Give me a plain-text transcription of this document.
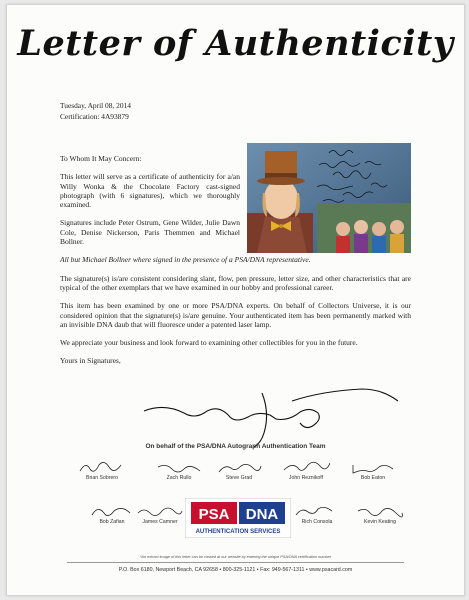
Letter of Authenticity
Tuesday, April 08, 2014
Certification: 4A93879

To Whom It May Concern:

This letter will serve as a certificate of authenticity for a/an Willy Wonka & the Chocolate Factory cast-signed photograph (with 6 signatures), which we thoroughly examined.

Signatures include Peter Ostrum, Gene Wilder, Julie Dawn Cole, Denise Nickerson, Paris Themmen and Michael Bollner.

All but Michael Bollner where signed in the presence of a PSA/DNA representative.

The signature(s) is/are consistent considering slant, flow, pen pressure, letter size, and other characteristics that are typical of the other exemplars that we have examined in our hobby and professional career.

This item has been examined by one or more PSA/DNA experts. On behalf of Collectors Universe, it is our considered opinion that the signature(s) is/are genuine. Your authenticated item has been permanently marked with an invisible DNA daub that will fluoresce under a patented laser lamp.

We appreciate your business and look forward to examining other collectibles for you in the future.

Yours in Signatures,

On behalf of the PSA/DNA Autograph Authentication Team
Brian Sobrero	Zach Rullo	Steve Grad	John Reznikoff	Bob Eaton
Bob Zafian	James Camner	Rich Consola	Kevin Keating
PSA DNA
AUTHENTICATION SERVICES
*An extract image of this letter can be viewed at our website by entering the unique PSA/DNA certification number
P.O. Box 6180, Newport Beach, CA 92658 • 800-325-1121 • Fax: 949-567-1311 • www.psacard.com
